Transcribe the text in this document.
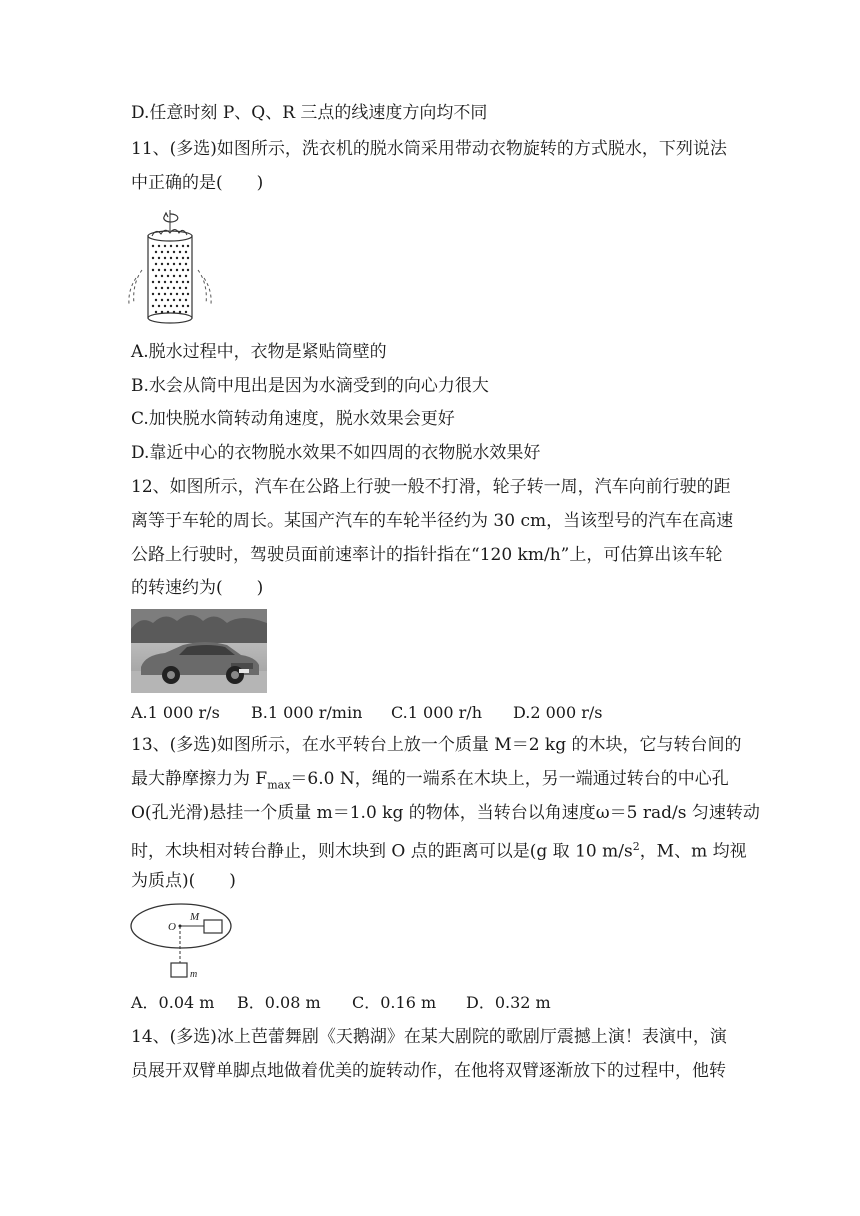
D.任意时刻 P、Q、R 三点的线速度方向均不同
11、(多选)如图所示，洗衣机的脱水筒采用带动衣物旋转的方式脱水，下列说法
中正确的是(　　)
A.脱水过程中，衣物是紧贴筒壁的
B.水会从筒中甩出是因为水滴受到的向心力很大
C.加快脱水筒转动角速度，脱水效果会更好
D.靠近中心的衣物脱水效果不如四周的衣物脱水效果好
12、如图所示，汽车在公路上行驶一般不打滑，轮子转一周，汽车向前行驶的距
离等于车轮的周长。某国产汽车的车轮半径约为 30 cm，当该型号的汽车在高速
公路上行驶时，驾驶员面前速率计的指针指在“120 km/h”上，可估算出该车轮
的转速约为(　　)
A.1 000 r/s B.1 000 r/min C.1 000 r/h D.2 000 r/s
13、(多选)如图所示，在水平转台上放一个质量 M＝2 kg 的木块，它与转台间的
最大静摩擦力为 $F_{max}=6.0$ N，绳的一端系在木块上，另一端通过转台的中心孔
O(孔光滑)悬挂一个质量 m＝1.0 kg 的物体，当转台以角速度ω＝5 rad/s 匀速转动
时，木块相对转台静止，则木块到 O 点的距离可以是(g 取 10 $m/s^2$，M、m 均视
为质点)(　　)
O
M
m
A．0.04 m B．0.08 m C．0.16 m D．0.32 m
14、(多选)冰上芭蕾舞剧《天鹅湖》在某大剧院的歌剧厅震撼上演！表演中，演
员展开双臂单脚点地做着优美的旋转动作，在他将双臂逐渐放下的过程中，他转
